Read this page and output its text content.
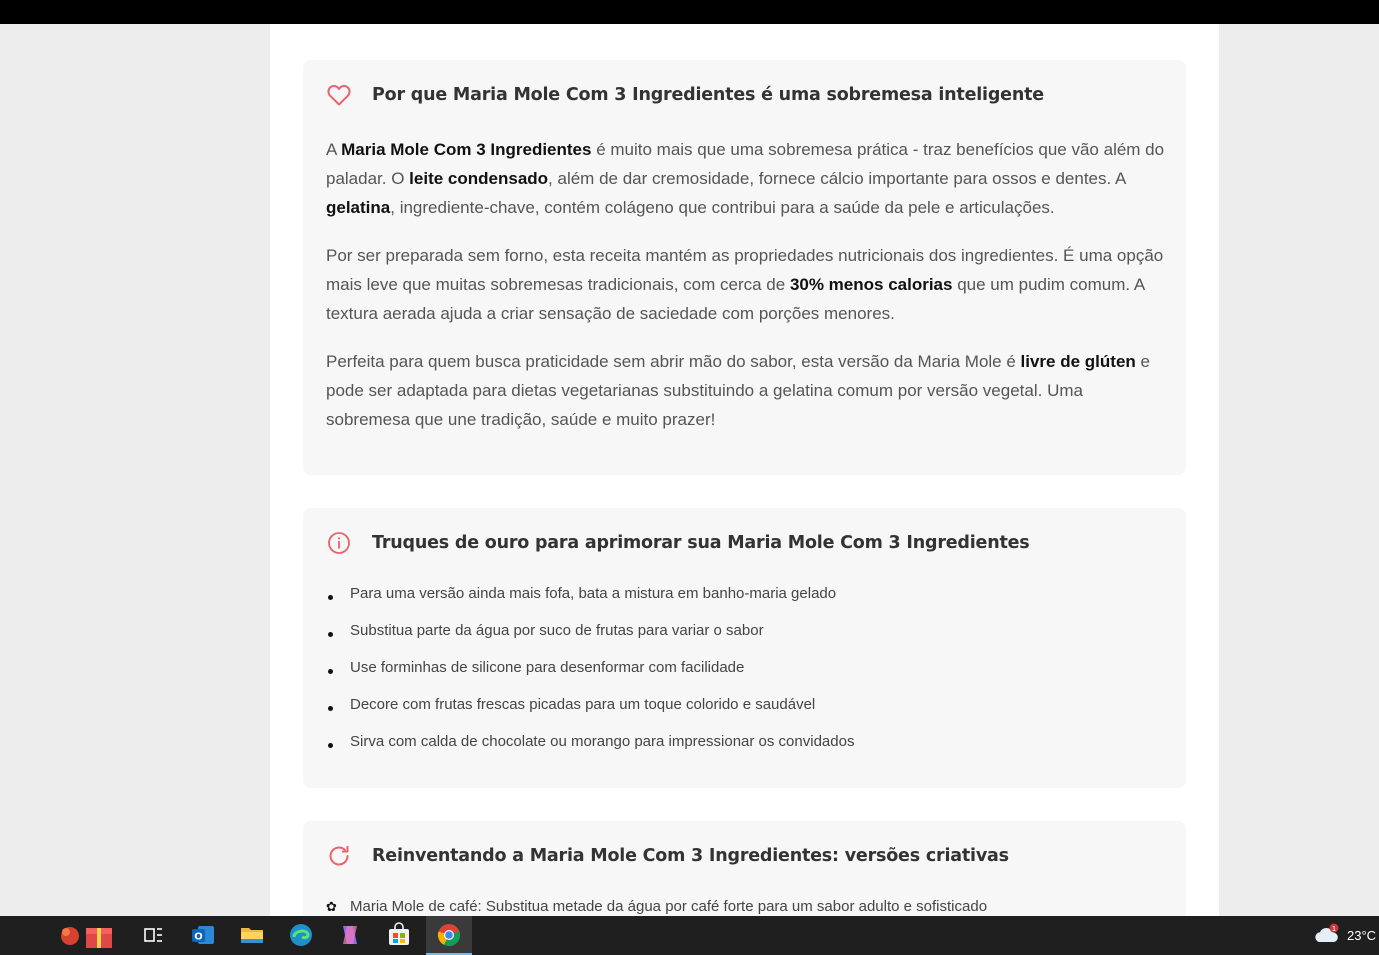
Por que Maria Mole Com 3 Ingredientes é uma sobremesa inteligente

A Maria Mole Com 3 Ingredientes é muito mais que uma sobremesa prática - traz benefícios que vão além do paladar. O leite condensado, além de dar cremosidade, fornece cálcio importante para ossos e dentes. A gelatina, ingrediente-chave, contém colágeno que contribui para a saúde da pele e articulações.

Por ser preparada sem forno, esta receita mantém as propriedades nutricionais dos ingredientes. É uma opção mais leve que muitas sobremesas tradicionais, com cerca de 30% menos calorias que um pudim comum. A textura aerada ajuda a criar sensação de saciedade com porções menores.

Perfeita para quem busca praticidade sem abrir mão do sabor, esta versão da Maria Mole é livre de glúten e pode ser adaptada para dietas vegetarianas substituindo a gelatina comum por versão vegetal. Uma sobremesa que une tradição, saúde e muito prazer!

Truques de ouro para aprimorar sua Maria Mole Com 3 Ingredientes
Para uma versão ainda mais fofa, bata a mistura em banho-maria gelado
Substitua parte da água por suco de frutas para variar o sabor
Use forminhas de silicone para desenformar com facilidade
Decore com frutas frescas picadas para um toque colorido e saudável
Sirva com calda de chocolate ou morango para impressionar os convidados
Reinventando a Maria Mole Com 3 Ingredientes: versões criativas
✿ Maria Mole de café: Substitua metade da água por café forte para um sabor adulto e sofisticado
O
1 23°C
